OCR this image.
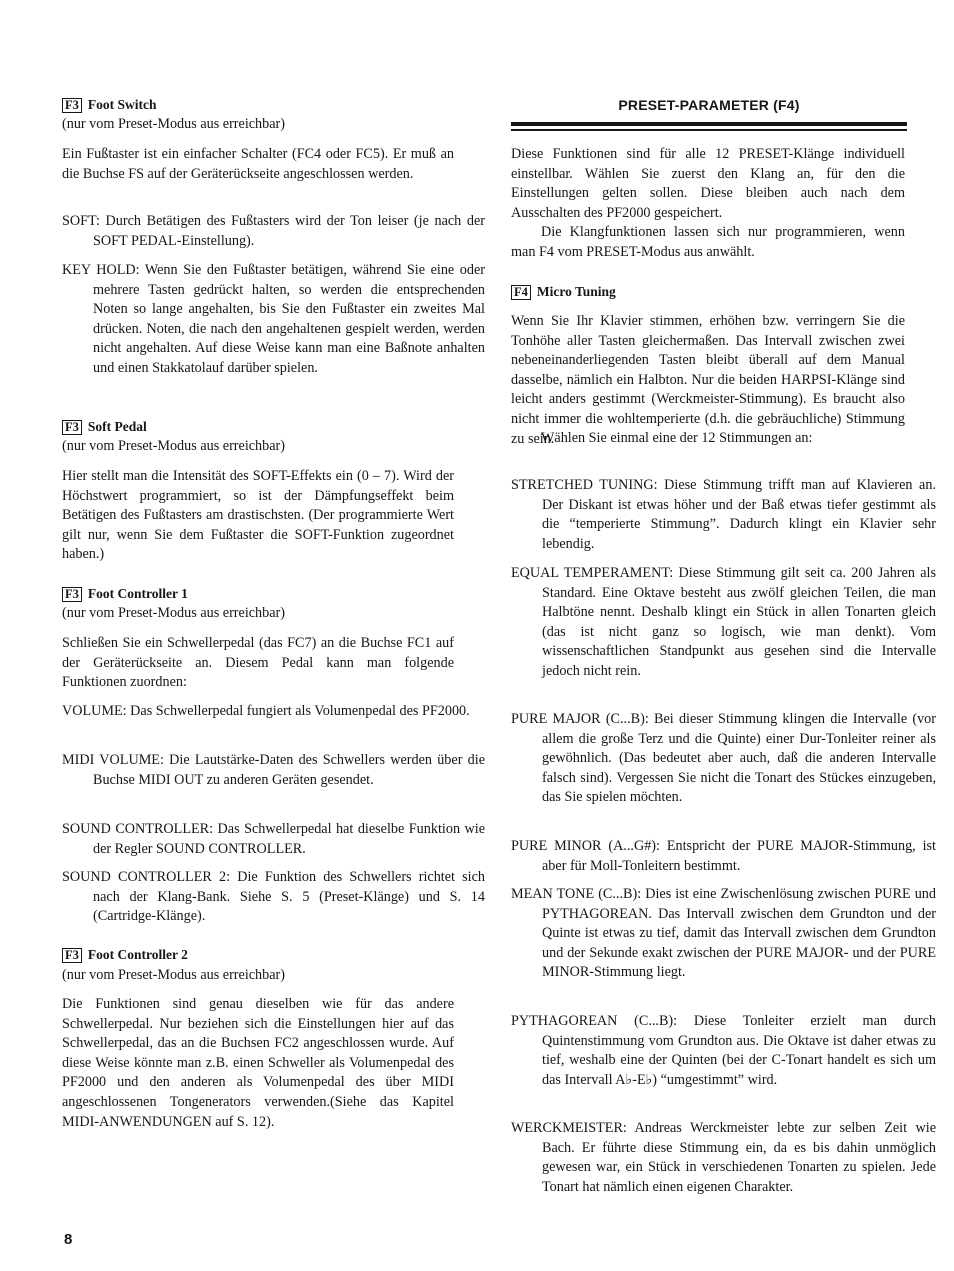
F3 Foot Switch
(nur vom Preset-Modus aus erreichbar)

Ein Fußtaster ist ein einfacher Schalter (FC4 oder FC5). Er muß an die Buchse FS auf der Geräterückseite angeschlossen werden.

SOFT: Durch Betätigen des Fußtasters wird der Ton leiser (je nach der SOFT PEDAL-Einstellung).

KEY HOLD: Wenn Sie den Fußtaster betätigen, während Sie eine oder mehrere Tasten gedrückt halten, so werden die entsprechenden Noten so lange angehalten, bis Sie den Fußtaster ein zweites Mal drücken. Noten, die nach den angehaltenen gespielt werden, werden nicht angehalten. Auf diese Weise kann man eine Baßnote anhalten und einen Stakkatolauf darüber spielen.

F3 Soft Pedal
(nur vom Preset-Modus aus erreichbar)

Hier stellt man die Intensität des SOFT-Effekts ein (0 – 7). Wird der Höchstwert programmiert, so ist der Dämpfungseffekt beim Betätigen des Fußtasters am drastischsten. (Der programmierte Wert gilt nur, wenn Sie dem Fußtaster die SOFT-Funktion zugeordnet haben.)

F3 Foot Controller 1
(nur vom Preset-Modus aus erreichbar)

Schließen Sie ein Schwellerpedal (das FC7) an die Buchse FC1 auf der Geräterückseite an. Diesem Pedal kann man folgende Funktionen zuordnen:

VOLUME: Das Schwellerpedal fungiert als Volumenpedal des PF2000.

MIDI VOLUME: Die Lautstärke-Daten des Schwellers werden über die Buchse MIDI OUT zu anderen Geräten gesendet.

SOUND CONTROLLER: Das Schwellerpedal hat dieselbe Funktion wie der Regler SOUND CONTROLLER.

SOUND CONTROLLER 2: Die Funktion des Schwellers richtet sich nach der Klang-Bank. Siehe S. 5 (Preset-Klänge) und S. 14 (Cartridge-Klänge).

F3 Foot Controller 2
(nur vom Preset-Modus aus erreichbar)

Die Funktionen sind genau dieselben wie für das andere Schwellerpedal. Nur beziehen sich die Einstellungen hier auf das Schwellerpedal, das an die Buchsen FC2 angeschlossen wurde. Auf diese Weise könnte man z.B. einen Schweller als Volumenpedal des PF2000 und den anderen als Volumenpedal des über MIDI angeschlossenen Tongenerators verwenden.(Siehe das Kapitel MIDI-ANWENDUNGEN auf S. 12).

PRESET-PARAMETER (F4)

Diese Funktionen sind für alle 12 PRESET-Klänge individuell einstellbar. Wählen Sie zuerst den Klang an, für den die Einstellungen gelten sollen. Diese bleiben auch nach dem Ausschalten des PF2000 gespeichert.

Die Klangfunktionen lassen sich nur programmieren, wenn man F4 vom PRESET-Modus aus anwählt.

F4 Micro Tuning

Wenn Sie Ihr Klavier stimmen, erhöhen bzw. verringern Sie die Tonhöhe aller Tasten gleichermaßen. Das Intervall zwischen zwei nebeneinanderliegenden Tasten bleibt überall auf dem Manual dasselbe, nämlich ein Halbton. Nur die beiden HARPSI-Klänge sind leicht anders gestimmt (Werckmeister-Stimmung). Es braucht also nicht immer die wohltemperierte (d.h. die gebräuchliche) Stimmung zu sein.

Wählen Sie einmal eine der 12 Stimmungen an:

STRETCHED TUNING: Diese Stimmung trifft man auf Klavieren an. Der Diskant ist etwas höher und der Baß etwas tiefer gestimmt als die “temperierte Stimmung”. Dadurch klingt ein Klavier sehr lebendig.

EQUAL TEMPERAMENT: Diese Stimmung gilt seit ca. 200 Jahren als Standard. Eine Oktave besteht aus zwölf gleichen Teilen, die man Halbtöne nennt. Deshalb klingt ein Stück in allen Tonarten gleich (das ist nicht ganz so logisch, wie man denkt). Vom wissenschaftlichen Standpunkt aus gesehen sind die Intervalle jedoch nicht rein.

PURE MAJOR (C...B): Bei dieser Stimmung klingen die Intervalle (vor allem die große Terz und die Quinte) einer Dur-Tonleiter reiner als gewöhnlich. (Das bedeutet aber auch, daß die anderen Intervalle falsch sind). Vergessen Sie nicht die Tonart des Stückes einzugeben, das Sie spielen möchten.

PURE MINOR (A...G#): Entspricht der PURE MAJOR-Stimmung, ist aber für Moll-Tonleitern bestimmt.

MEAN TONE (C...B): Dies ist eine Zwischenlösung zwischen PURE und PYTHAGOREAN. Das Intervall zwischen dem Grundton und der Quinte ist etwas zu tief, damit das Intervall zwischen dem Grundton und der Sekunde exakt zwischen der PURE MAJOR- und der PURE MINOR-Stimmung liegt.

PYTHAGOREAN (C...B): Diese Tonleiter erzielt man durch Quintenstimmung vom Grundton aus. Die Oktave ist daher etwas zu tief, weshalb eine der Quinten (bei der C-Tonart handelt es sich um das Intervall A♭-E♭) “umgestimmt” wird.

WERCKMEISTER: Andreas Werckmeister lebte zur selben Zeit wie Bach. Er führte diese Stimmung ein, da es bis dahin unmöglich gewesen war, ein Stück in verschiedenen Tonarten zu spielen. Jede Tonart hat nämlich einen eigenen Charakter.

8
